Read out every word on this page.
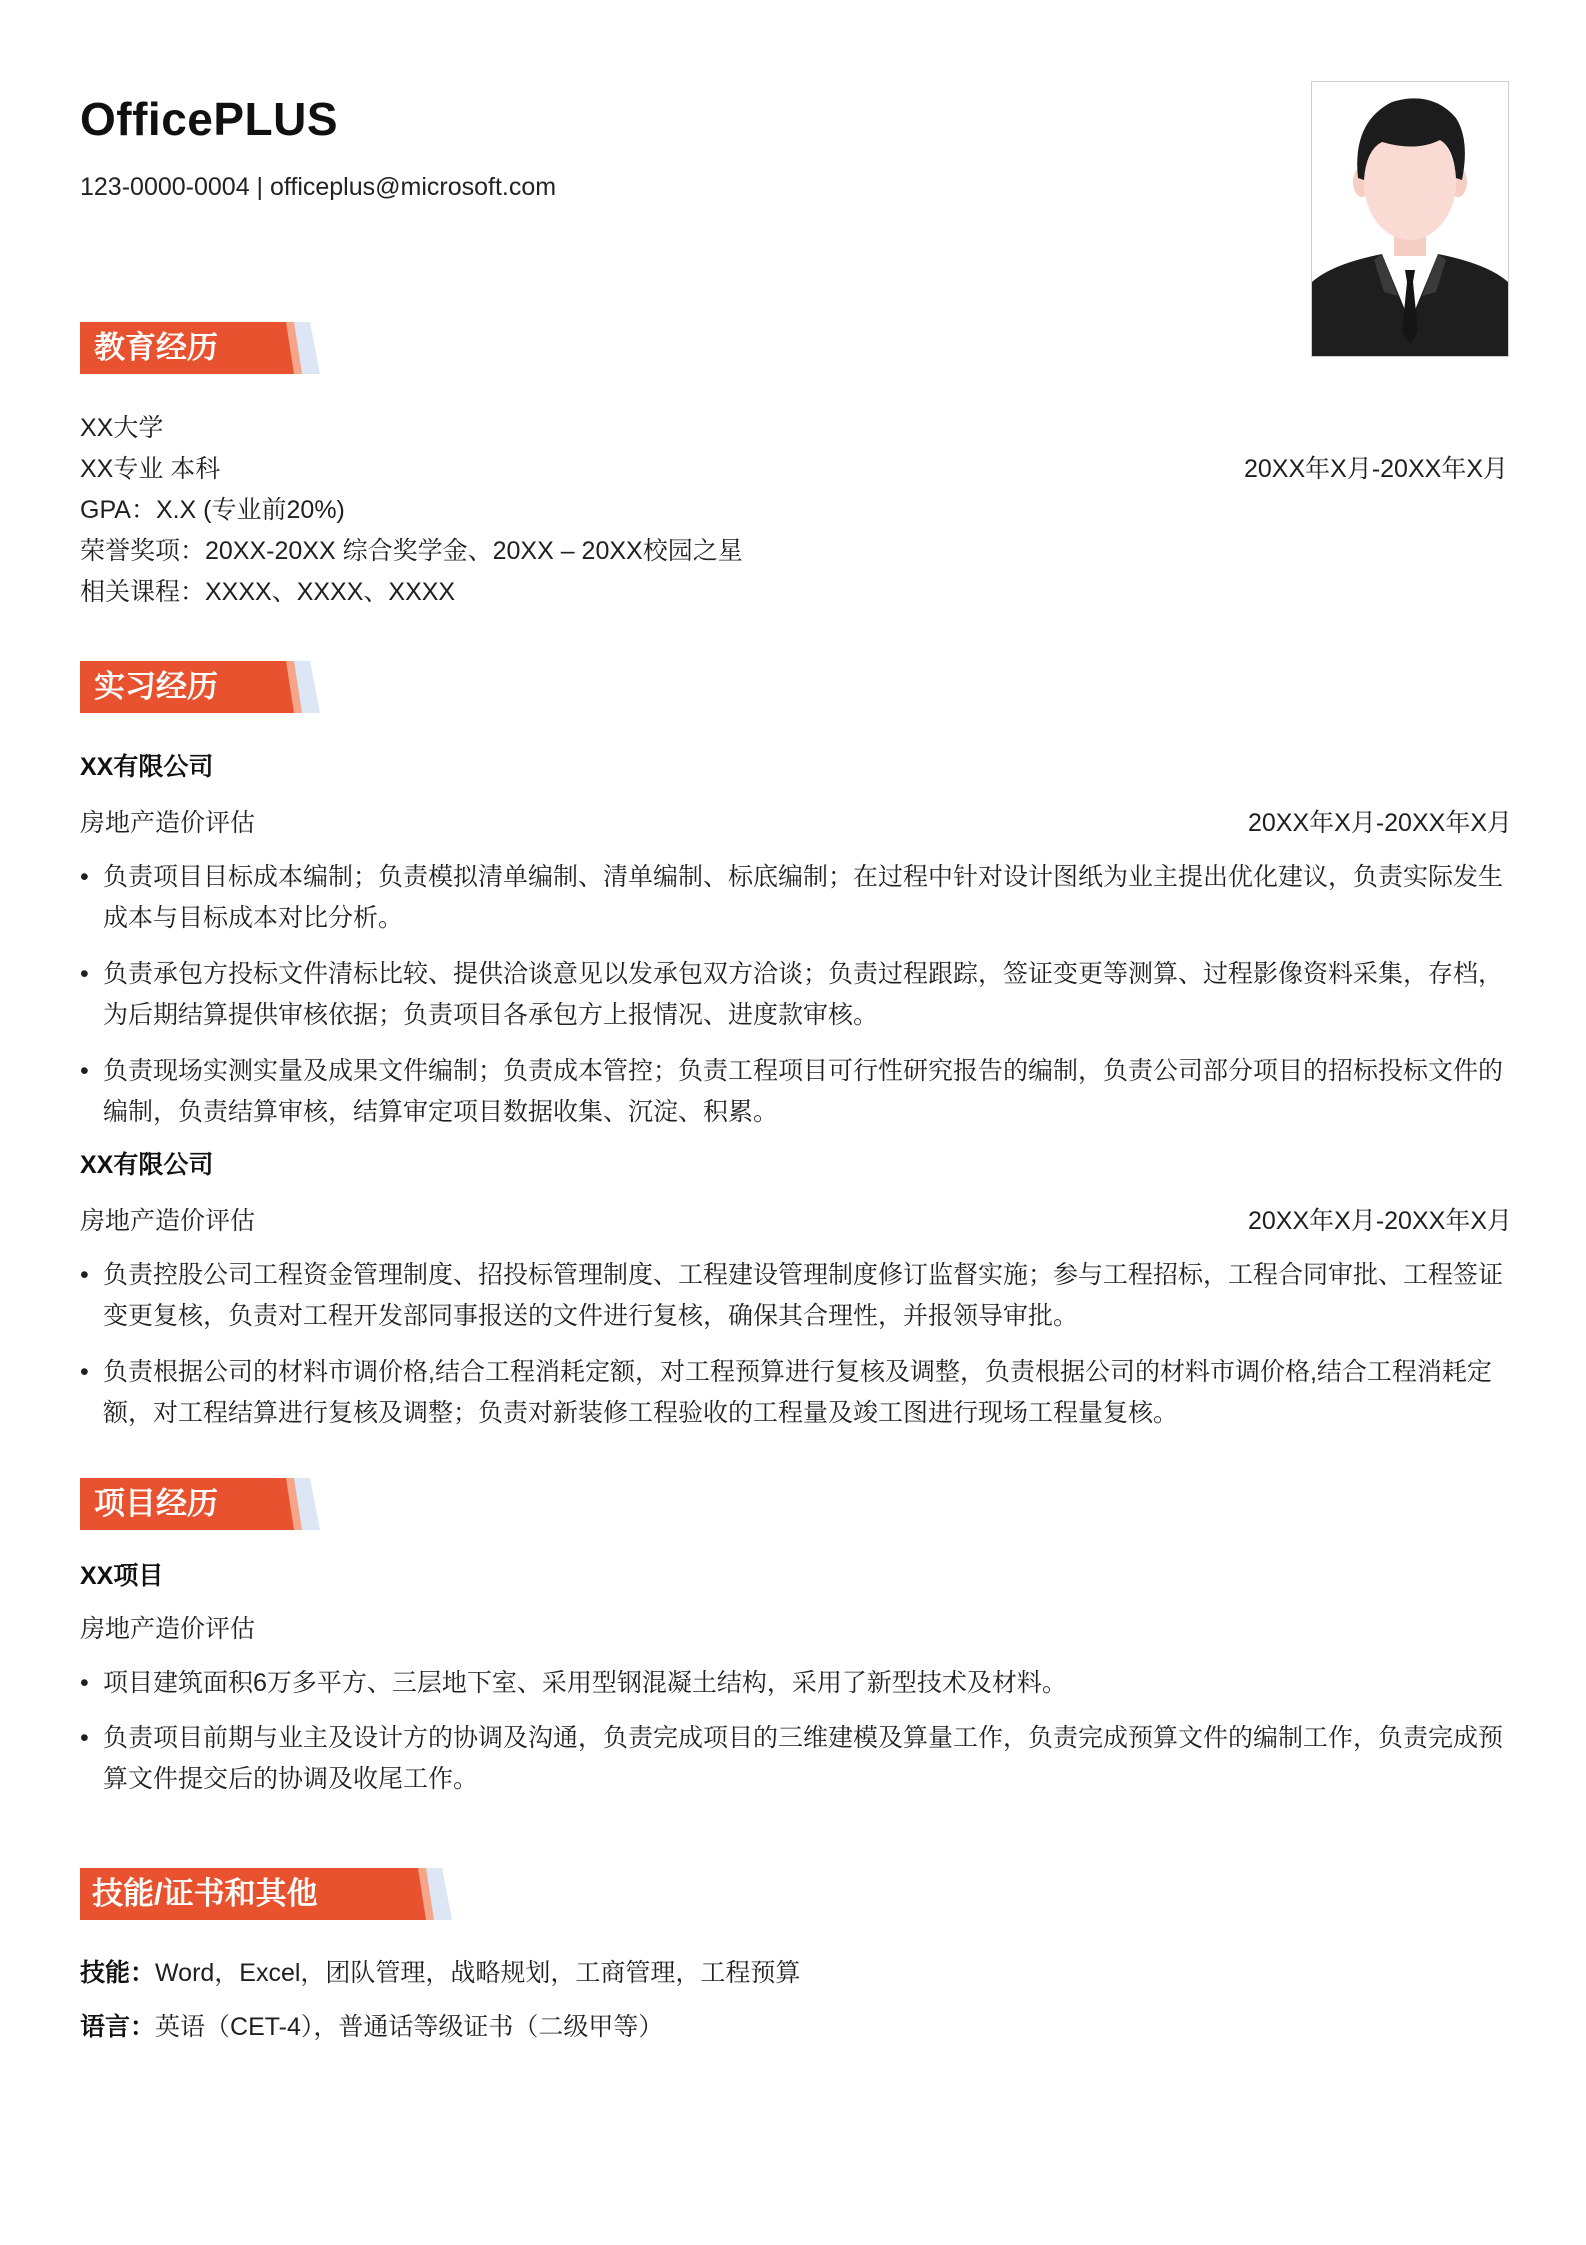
OfficePLUS
123-0000-0004 | officeplus@microsoft.com
教育经历
XX大学
XX专业 本科	20XX年X月-20XX年X月
GPA：X.X (专业前20%)
荣誉奖项：20XX-20XX 综合奖学金、20XX – 20XX校园之星
相关课程：XXXX、XXXX、XXXX
实习经历
XX有限公司
房地产造价评估	20XX年X月-20XX年X月
• 负责项目目标成本编制；负责模拟清单编制、清单编制、标底编制；在过程中针对设计图纸为业主提出优化建议，负责实际发生成本与目标成本对比分析。
• 负责承包方投标文件清标比较、提供洽谈意见以发承包双方洽谈；负责过程跟踪，签证变更等测算、过程影像资料采集，存档，为后期结算提供审核依据；负责项目各承包方上报情况、进度款审核。
• 负责现场实测实量及成果文件编制；负责成本管控；负责工程项目可行性研究报告的编制，负责公司部分项目的招标投标文件的编制，负责结算审核，结算审定项目数据收集、沉淀、积累。
XX有限公司
房地产造价评估	20XX年X月-20XX年X月
• 负责控股公司工程资金管理制度、招投标管理制度、工程建设管理制度修订监督实施；参与工程招标，工程合同审批、工程签证变更复核，负责对工程开发部同事报送的文件进行复核，确保其合理性，并报领导审批。
• 负责根据公司的材料市调价格,结合工程消耗定额，对工程预算进行复核及调整，负责根据公司的材料市调价格,结合工程消耗定额，对工程结算进行复核及调整；负责对新装修工程验收的工程量及竣工图进行现场工程量复核。
项目经历
XX项目
房地产造价评估
• 项目建筑面积6万多平方、三层地下室、采用型钢混凝土结构，采用了新型技术及材料。
• 负责项目前期与业主及设计方的协调及沟通，负责完成项目的三维建模及算量工作，负责完成预算文件的编制工作，负责完成预算文件提交后的协调及收尾工作。
技能/证书和其他
技能：Word，Excel，团队管理，战略规划，工商管理，工程预算
语言：英语（CET-4），普通话等级证书（二级甲等）
